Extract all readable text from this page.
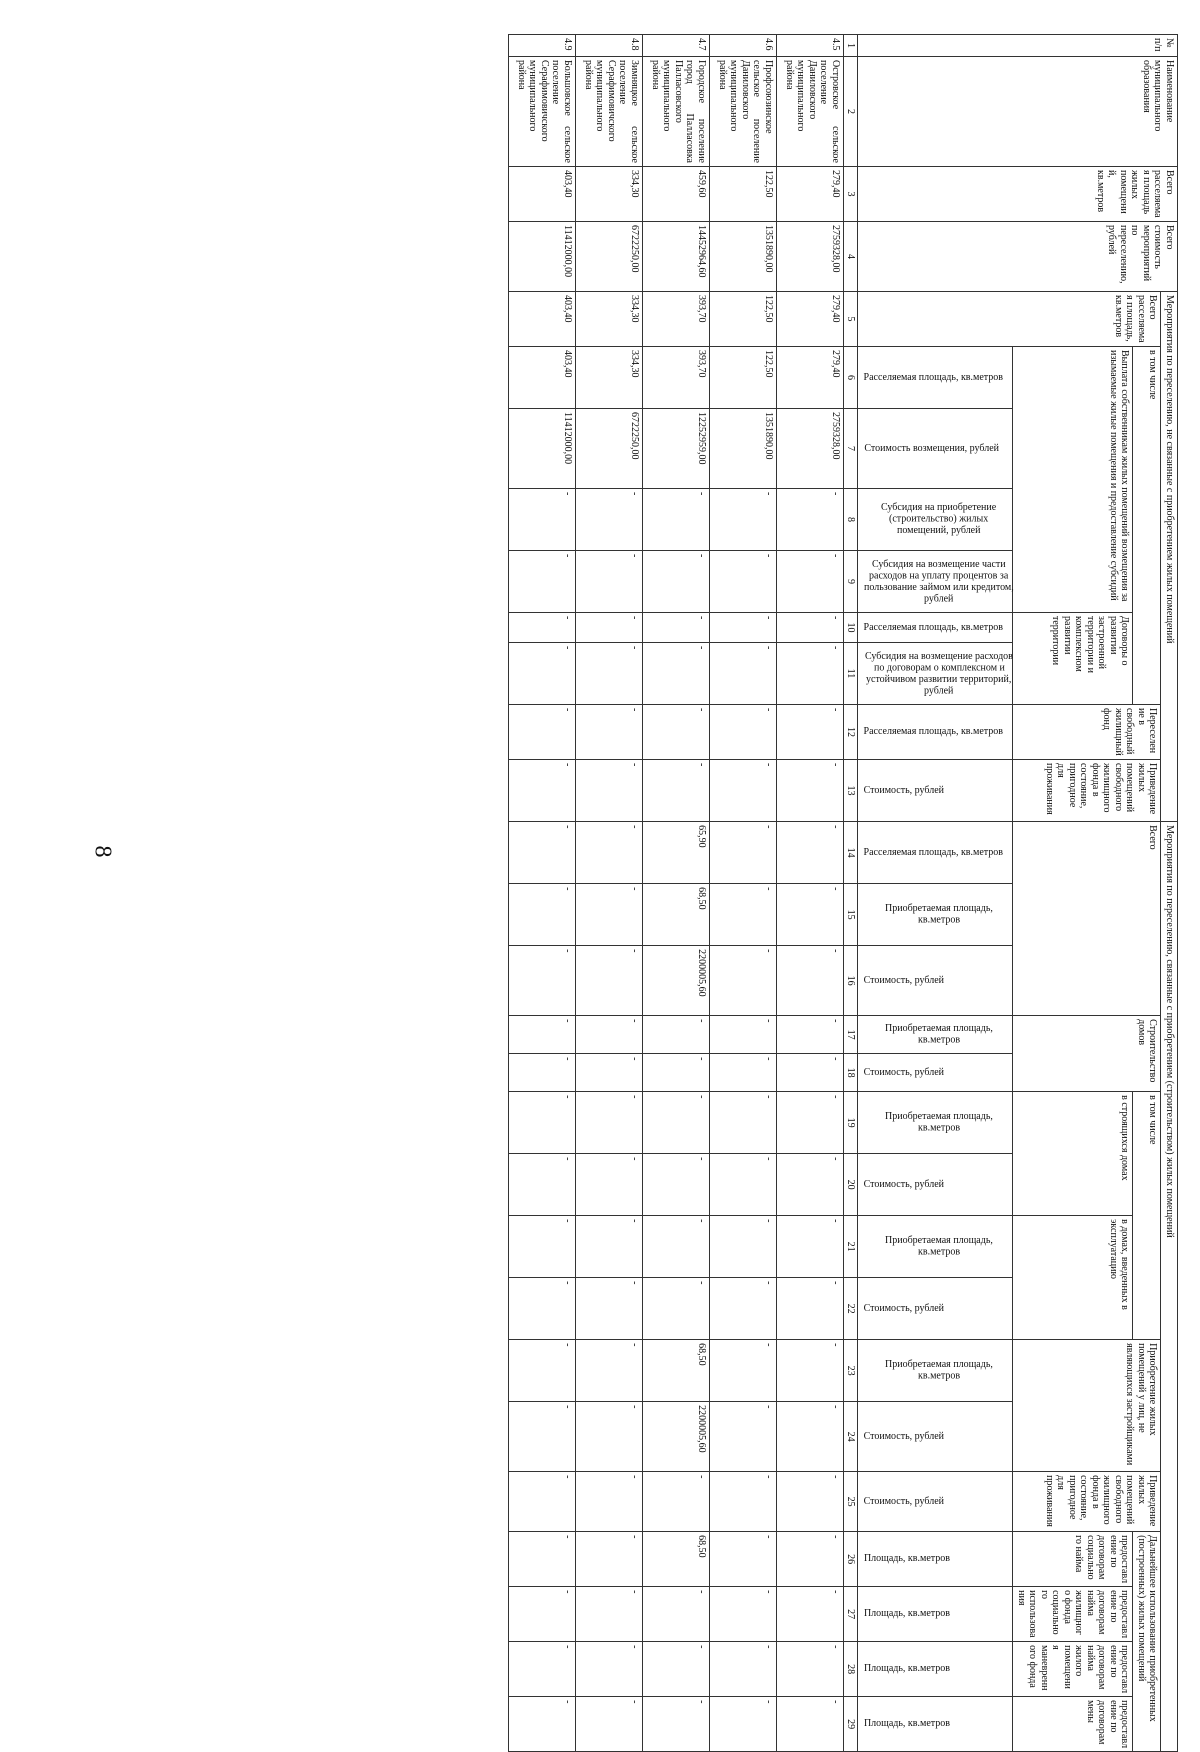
8
№ п/п	Наименование муниципального образования	Всего расселяемая площадь жилых помещений, кв.метров	Всего стоимость мероприятий по переселению, рублей	Мероприятия по переселению, не связанные с приобретением жилых помещений									Мероприятия по переселению, связанные с приобретением (строительством) жилых помещений															
				Всего расселяемая площадь, кв.метров	в том числе						Переселение в свободный жилищный фонд	Приведение жилых помещений свободного жилищного фонда в состояние, пригодное для проживания	Всего			Строительство домов		в том числе				Приобретение жилых помещений у лиц, не являющихся застройщиками		Приведение жилых помещений свободного жилищного фонда в состояние, пригодное для проживания	Дальнейшее использование приобретенных (построенных) жилых помещений			
					Выплата собственникам жилых помещений возмещения за изымаемые жилые помещения и предоставление субсидий				Договоры о развитии застроенной территории и комплексном развитии территории									в строящихся домах		в домах, введенных в эксплуатацию					предоставление по договорам социального найма	предоставление по договорам найма жилищного фонда социального использования	предоставление по договорам найма жилого помещения маневренного фонда	предоставление по договорам мены
					Расселяемая площадь, кв.метров	Стоимость возмещения, рублей	Субсидия на приобретение (строительство) жилых помещений, рублей	Субсидия на возмещение части расходов на уплату процентов за пользование займом или кредитом, рублей	Расселяемая площадь, кв.метров	Субсидия на возмещение расходов по договорам о комплексном и устойчивом развитии территорий, рублей	Расселяемая площадь, кв.метров	Стоимость, рублей	Расселяемая площадь, кв.метров	Приобретаемая площадь, кв.метров	Стоимость, рублей	Приобретаемая площадь, кв.метров	Стоимость, рублей	Приобретаемая площадь, кв.метров	Стоимость, рублей	Приобретаемая площадь, кв.метров	Стоимость, рублей	Приобретаемая площадь, кв.метров	Стоимость, рублей	Стоимость, рублей	Площадь, кв.метров	Площадь, кв.метров	Площадь, кв.метров	Площадь, кв.метров
1	2	3	4	5	6	7	8	9	10	11	12	13	14	15	16	17	18	19	20	21	22	23	24	25	26	27	28	29
4.5	Островское сельское поселение Даниловского муниципального района	279,40	2759328,00	279,40	279,40	2759328,00	-	-	-	-	-	-	-	-	-	-	-	-	-	-	-	-	-	-	-	-	-	-
4.6	Профсоюзинское сельское поселение Даниловского муниципального района	122,50	1351890,00	122,50	122,50	1351890,00	-	-	-	-	-	-	-	-	-	-	-	-	-	-	-	-	-	-	-	-	-	-
4.7	Городское поселение город Палласовка Палласовского муниципального района	459,60	14452964,60	393,70	393,70	12252959,00	-	-	-	-	-	-	65,90	68,50	2200005,60	-	-	-	-	-	-	68,50	2200005,60	-	68,50	-	-	-
4.8	Зимняцкое сельское поселение Серафимовичского муниципального района	334,30	6722250,00	334,30	334,30	6722250,00	-	-	-	-	-	-	-	-	-	-	-	-	-	-	-	-	-	-	-	-	-	-
4.9	Большовское сельское поселение Серафимовичского муниципального района	403,40	11412000,00	403,40	403,40	11412000,00	-	-	-	-	-	-	-	-	-	-	-	-	-	-	-	-	-	-	-	-	-	-
